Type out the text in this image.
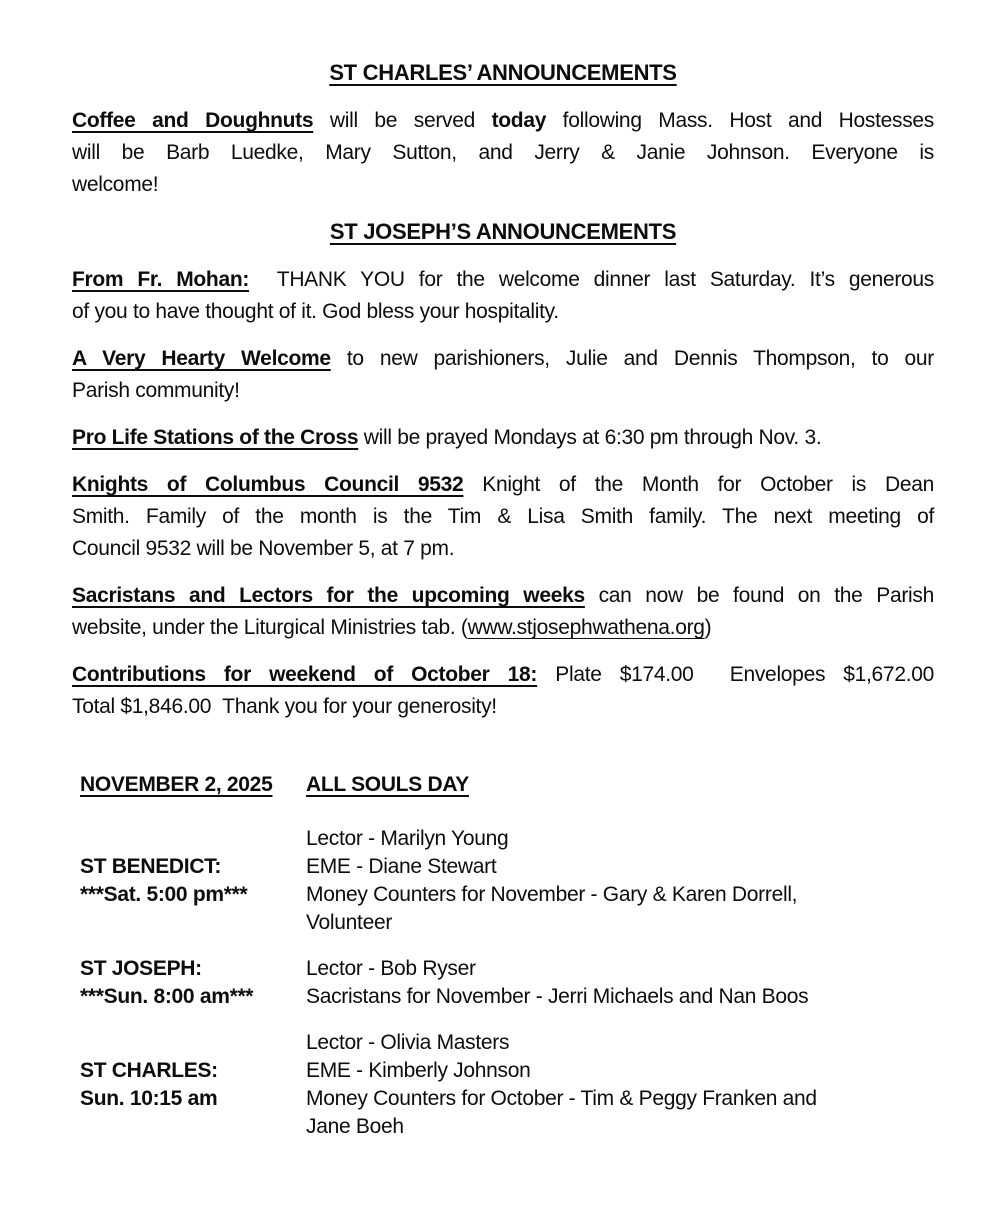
ST CHARLES’ ANNOUNCEMENTS
Coffee and Doughnuts will be served today following Mass. Host and Hostesses
will be Barb Luedke, Mary Sutton, and Jerry & Janie Johnson. Everyone is
welcome!
ST JOSEPH’S ANNOUNCEMENTS
From Fr. Mohan:  THANK YOU for the welcome dinner last Saturday. It’s generous
of you to have thought of it. God bless your hospitality.
A Very Hearty Welcome to new parishioners, Julie and Dennis Thompson, to our
Parish community!
Pro Life Stations of the Cross will be prayed Mondays at 6:30 pm through Nov. 3.
Knights of Columbus Council 9532 Knight of the Month for October is Dean
Smith. Family of the month is the Tim & Lisa Smith family. The next meeting of
Council 9532 will be November 5, at 7 pm.
Sacristans and Lectors for the upcoming weeks can now be found on the Parish
website, under the Liturgical Ministries tab. (www.stjosephwathena.org)
Contributions for weekend of October 18: Plate $174.00  Envelopes $1,672.00
Total $1,846.00  Thank you for your generosity!
NOVEMBER 2, 2025	ALL SOULS DAY
ST BENEDICT:
***Sat. 5:00 pm***
Lector - Marilyn Young
EME - Diane Stewart
Money Counters for November - Gary & Karen Dorrell,
Volunteer
ST JOSEPH:
***Sun. 8:00 am***
Lector - Bob Ryser
Sacristans for November - Jerri Michaels and Nan Boos
ST CHARLES:
Sun. 10:15 am
Lector - Olivia Masters
EME - Kimberly Johnson
Money Counters for October - Tim & Peggy Franken and
Jane Boeh
